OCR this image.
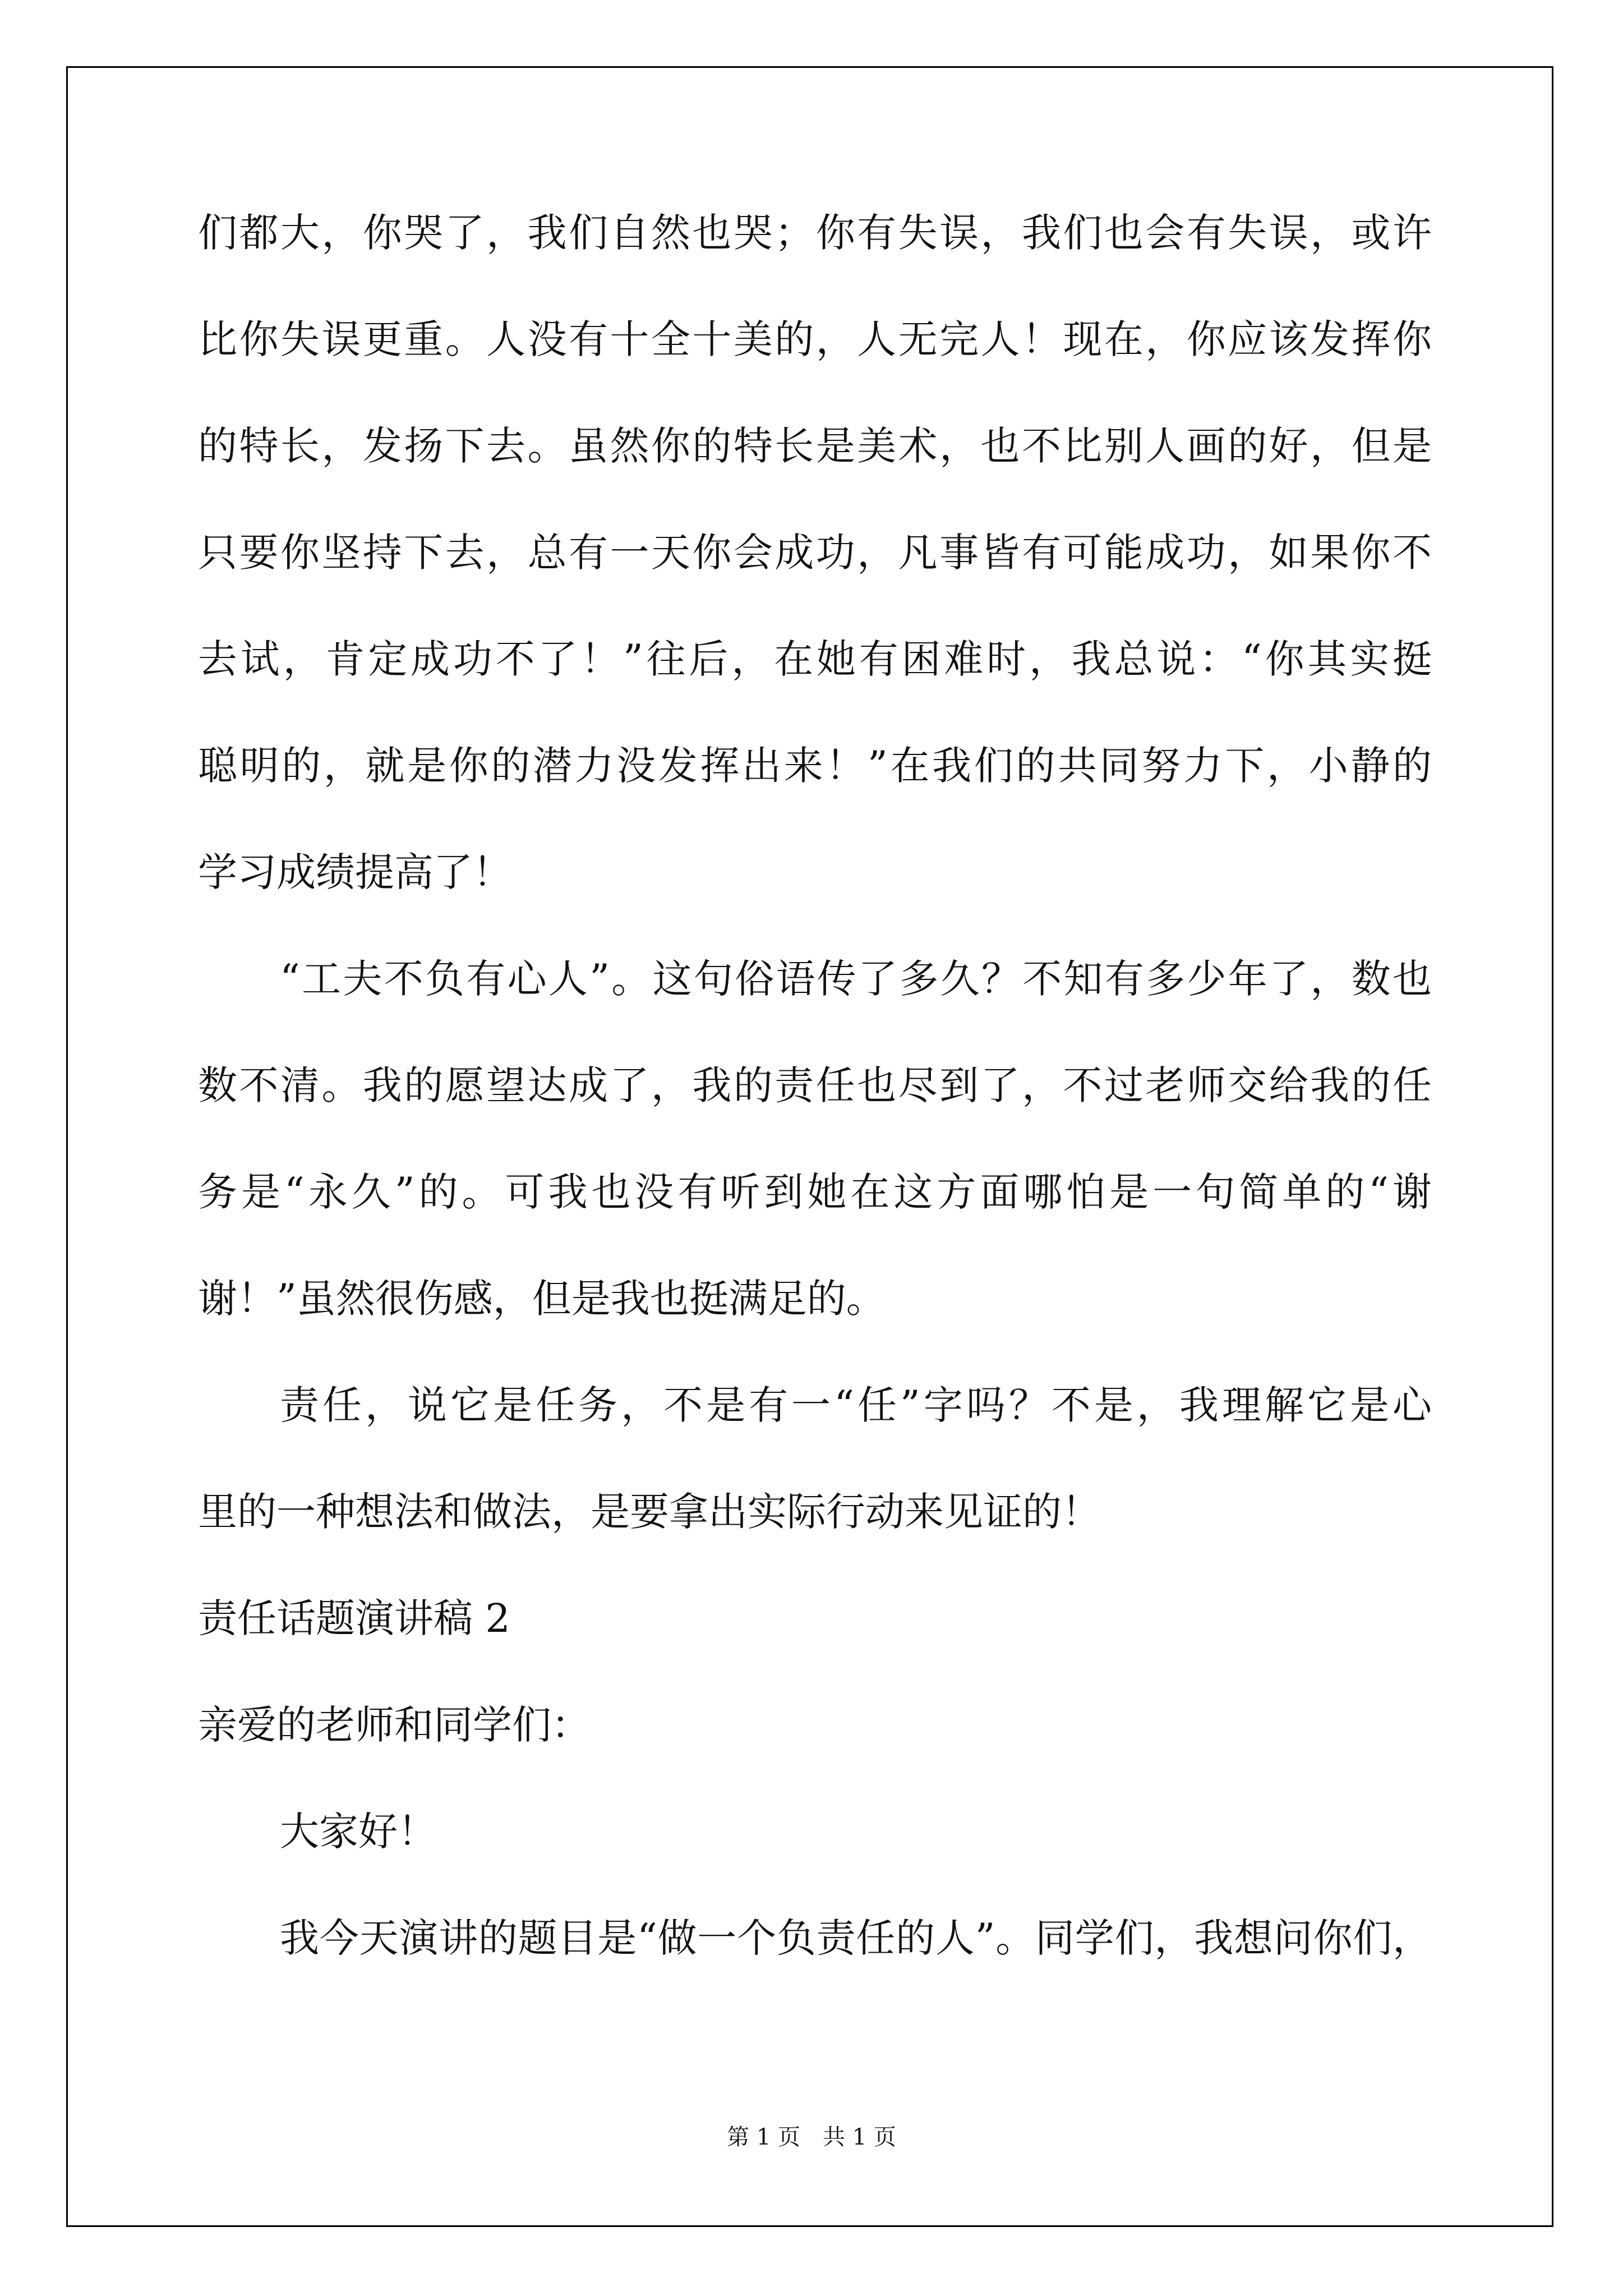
们都大，你哭了，我们自然也哭；你有失误，我们也会有失误，或许
比你失误更重。人没有十全十美的，人无完人！现在，你应该发挥你
的特长，发扬下去。虽然你的特长是美术，也不比别人画的好，但是
只要你坚持下去，总有一天你会成功，凡事皆有可能成功，如果你不
去试，肯定成功不了！”往后，在她有困难时，我总说：“你其实挺
聪明的，就是你的潜力没发挥出来！”在我们的共同努力下，小静的
学习成绩提高了！
“工夫不负有心人”。这句俗语传了多久？不知有多少年了，数也
数不清。我的愿望达成了，我的责任也尽到了，不过老师交给我的任
务是“永久”的。可我也没有听到她在这方面哪怕是一句简单的“谢
谢！”虽然很伤感，但是我也挺满足的。
责任，说它是任务，不是有一“任”字吗？不是，我理解它是心
里的一种想法和做法，是要拿出实际行动来见证的！
责任话题演讲稿 2
亲爱的老师和同学们：
大家好！
我今天演讲的题目是“做一个负责任的人”。同学们，我想问你们，
第 1 页　共 1 页
